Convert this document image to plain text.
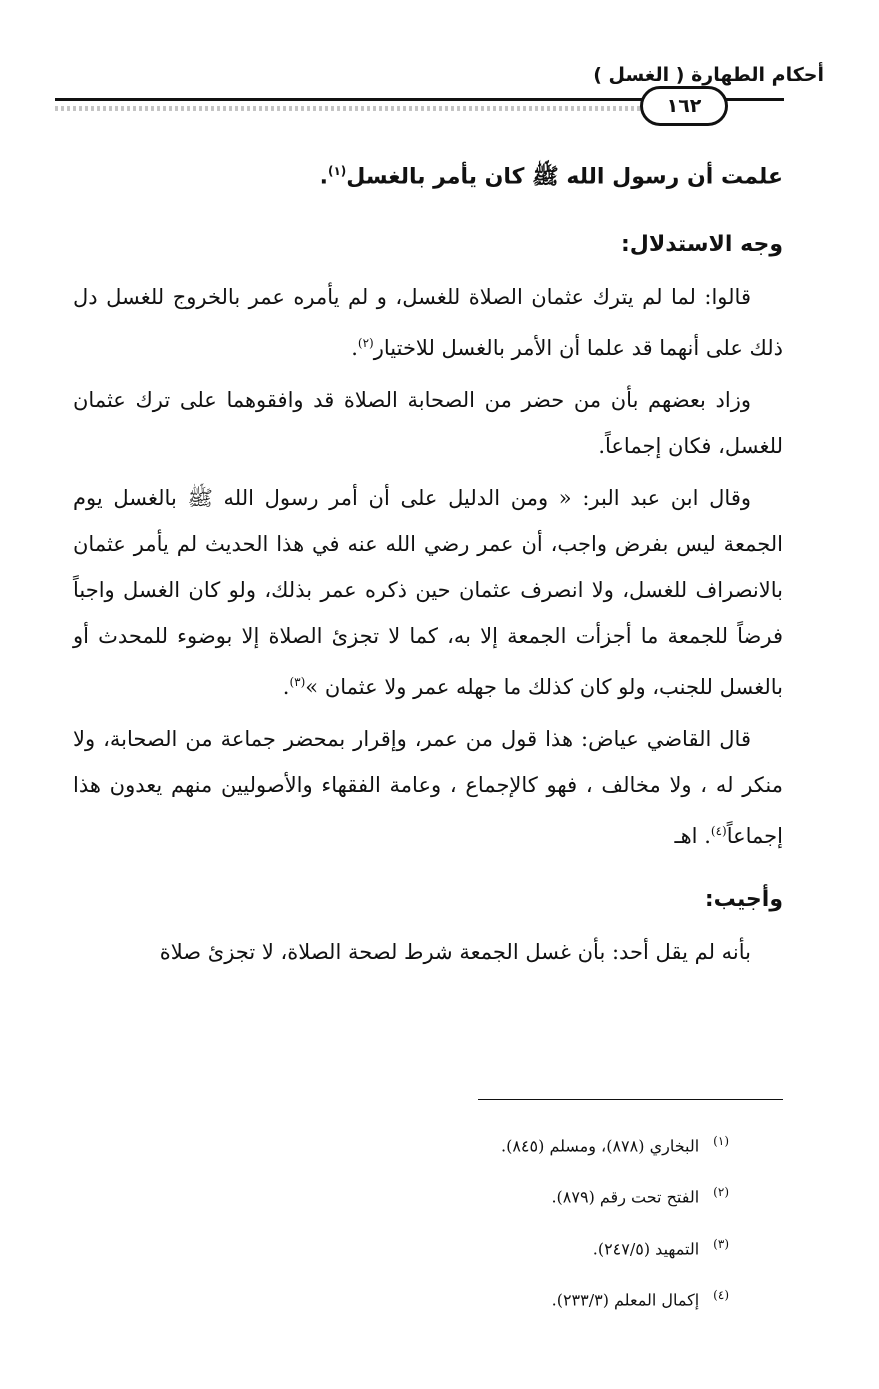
أحكام الطهارة ( الغسل )
١٦٢

علمت أن رسول الله ﷺ كان يأمر بالغسل$^{(١)}$.

وجه الاستدلال:

قالوا: لما لم يترك عثمان الصلاة للغسل، و لم يأمره عمر بالخروج للغسل دل ذلك على أنهما قد علما أن الأمر بالغسل للاختيار$^{(٢)}$.

وزاد بعضهم بأن من حضر من الصحابة الصلاة قد وافقوهما على ترك عثمان للغسل، فكان إجماعاً.

وقال ابن عبد البر: « ومن الدليل على أن أمر رسول الله ﷺ بالغسل يوم الجمعة ليس بفرض واجب، أن عمر رضي الله عنه في هذا الحديث لم يأمر عثمان بالانصراف للغسل، ولا انصرف عثمان حين ذكره عمر بذلك، ولو كان الغسل واجباً فرضاً للجمعة ما أجزأت الجمعة إلا به، كما لا تجزئ الصلاة إلا بوضوء للمحدث أو بالغسل للجنب، ولو كان كذلك ما جهله عمر ولا عثمان »$^{(٣)}$.

قال القاضي عياض: هذا قول من عمر، وإقرار بمحضر جماعة من الصحابة، ولا منكر له ، ولا مخالف ، فهو كالإجماع ، وعامة الفقهاء والأصوليين منهم يعدون هذا إجماعاً$^{(٤)}$. اهـ

وأجيب:

بأنه لم يقل أحد: بأن غسل الجمعة شرط لصحة الصلاة، لا تجزئ صلاة

$^{(١)}$البخاري (٨٧٨)، ومسلم (٨٤٥).

$^{(٢)}$الفتح تحت رقم (٨٧٩).

$^{(٣)}$التمهيد (٢٤٧/٥).

$^{(٤)}$إكمال المعلم (٢٣٣/٣).
